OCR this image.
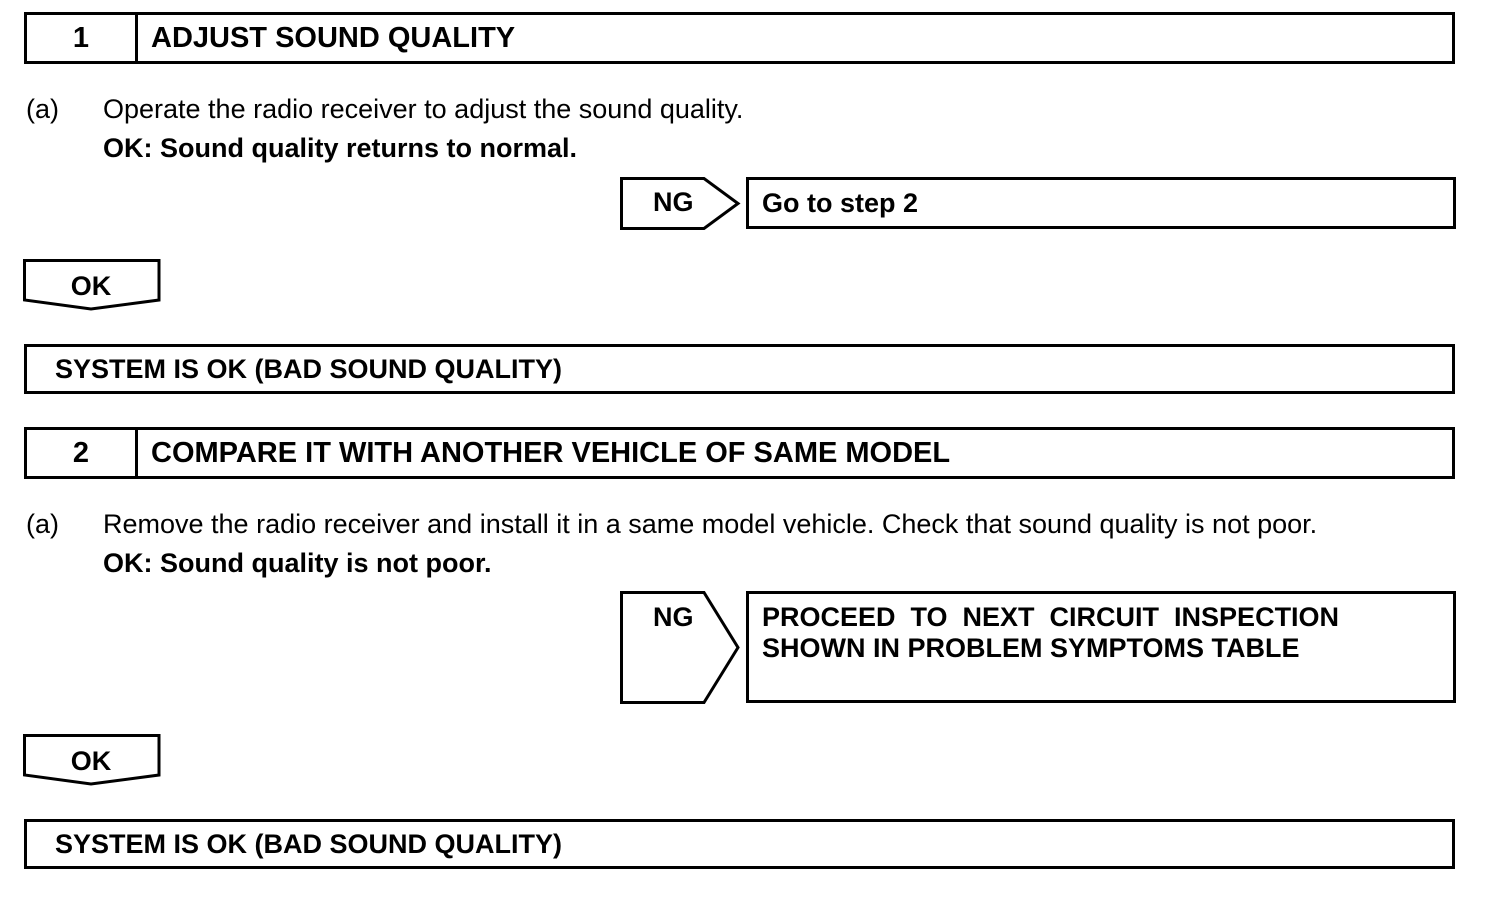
1	ADJUST SOUND QUALITY
(a) Operate the radio receiver to adjust the sound quality.
OK: Sound quality returns to normal.
NG	Go to step 2
OK
SYSTEM IS OK (BAD SOUND QUALITY)
2	COMPARE IT WITH ANOTHER VEHICLE OF SAME MODEL
(a) Remove the radio receiver and install it in a same model vehicle. Check that sound quality is not poor.
OK: Sound quality is not poor.
NG	PROCEED  TO  NEXT  CIRCUIT  INSPECTION
SHOWN IN PROBLEM SYMPTOMS TABLE
OK
SYSTEM IS OK (BAD SOUND QUALITY)
